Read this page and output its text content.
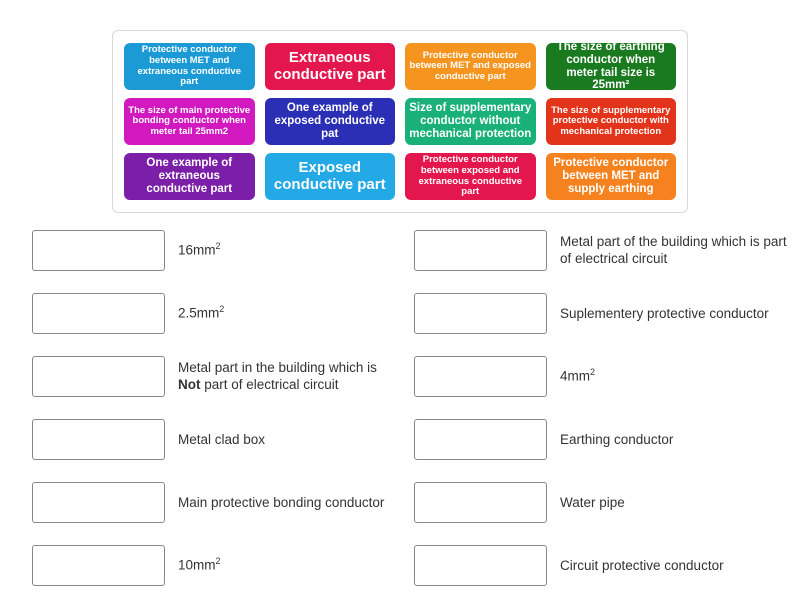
Protective conductor between MET and extraneous conductive part
Extraneous conductive part
Protective conductor between MET and exposed conductive part
The size of earthing conductor when meter tail size is 25mm²
The size of main protective bonding conductor when meter tail 25mm2
One example of exposed conductive pat
Size of supplementary conductor without mechanical protection
The size of supplementary protective conductor with mechanical protection
One example of extraneous conductive part
Exposed conductive part
Protective conductor between exposed and extraneous conductive part
Protective conductor between MET and supply earthing
$16mm^2$
$2.5mm^2$
Metal part in the building which is Not part of electrical circuit
Metal clad box
Main protective bonding conductor
$10mm^2$
Metal part of the building which is part of electrical circuit
Suplementery protective conductor
$4mm^2$
Earthing conductor
Water pipe
Circuit protective conductor
